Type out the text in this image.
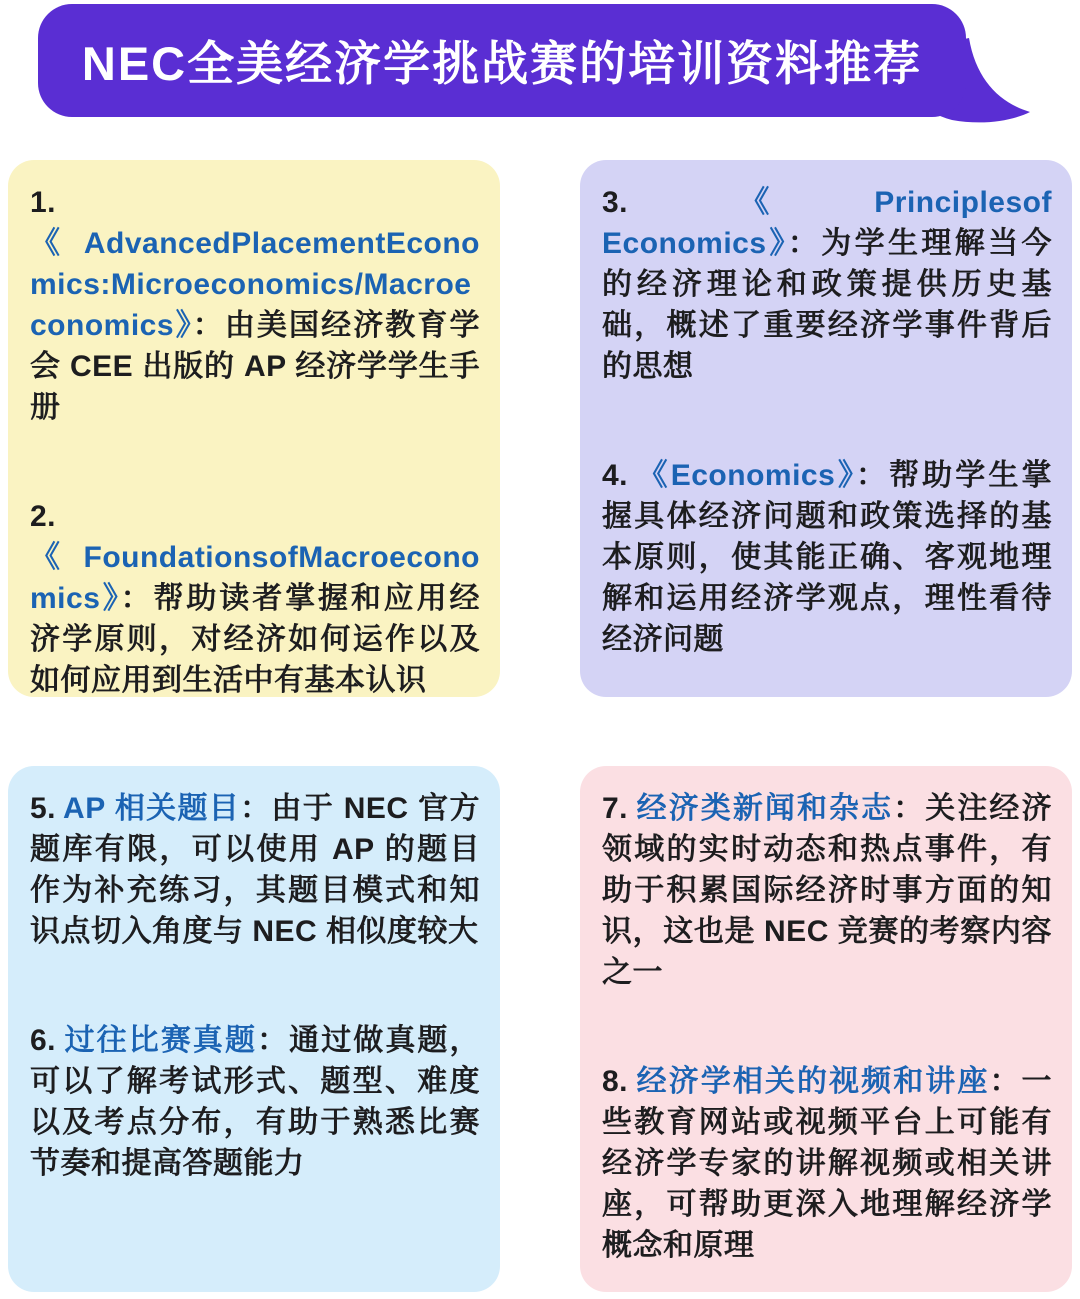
NEC全美经济学挑战赛的培训资料推荐

1.
《AdvancedPlacementEconomics:Microeconomics/Macroeconomics》：由美国经济教育学会 CEE 出版的 AP 经济学学生手册

2.
《 FoundationsofMacroeconomics》：帮助读者掌握和应用经济学原则，对经济如何运作以及如何应用到生活中有基本认识

3. 《Principlesof Economics》：为学生理解当今的经济理论和政策提供历史基础，概述了重要经济学事件背后的思想

4. 《Economics》：帮助学生掌握具体经济问题和政策选择的基本原则，使其能正确、客观地理解和运用经济学观点，理性看待经济问题

5. AP 相关题目：由于 NEC 官方题库有限，可以使用 AP 的题目作为补充练习，其题目模式和知识点切入角度与 NEC 相似度较大

6. 过往比赛真题：通过做真题，可以了解考试形式、题型、难度以及考点分布，有助于熟悉比赛节奏和提高答题能力

7. 经济类新闻和杂志：关注经济领域的实时动态和热点事件，有助于积累国际经济时事方面的知识，这也是 NEC 竞赛的考察内容之一

8. 经济学相关的视频和讲座：一些教育网站或视频平台上可能有经济学专家的讲解视频或相关讲座，可帮助更深入地理解经济学概念和原理
